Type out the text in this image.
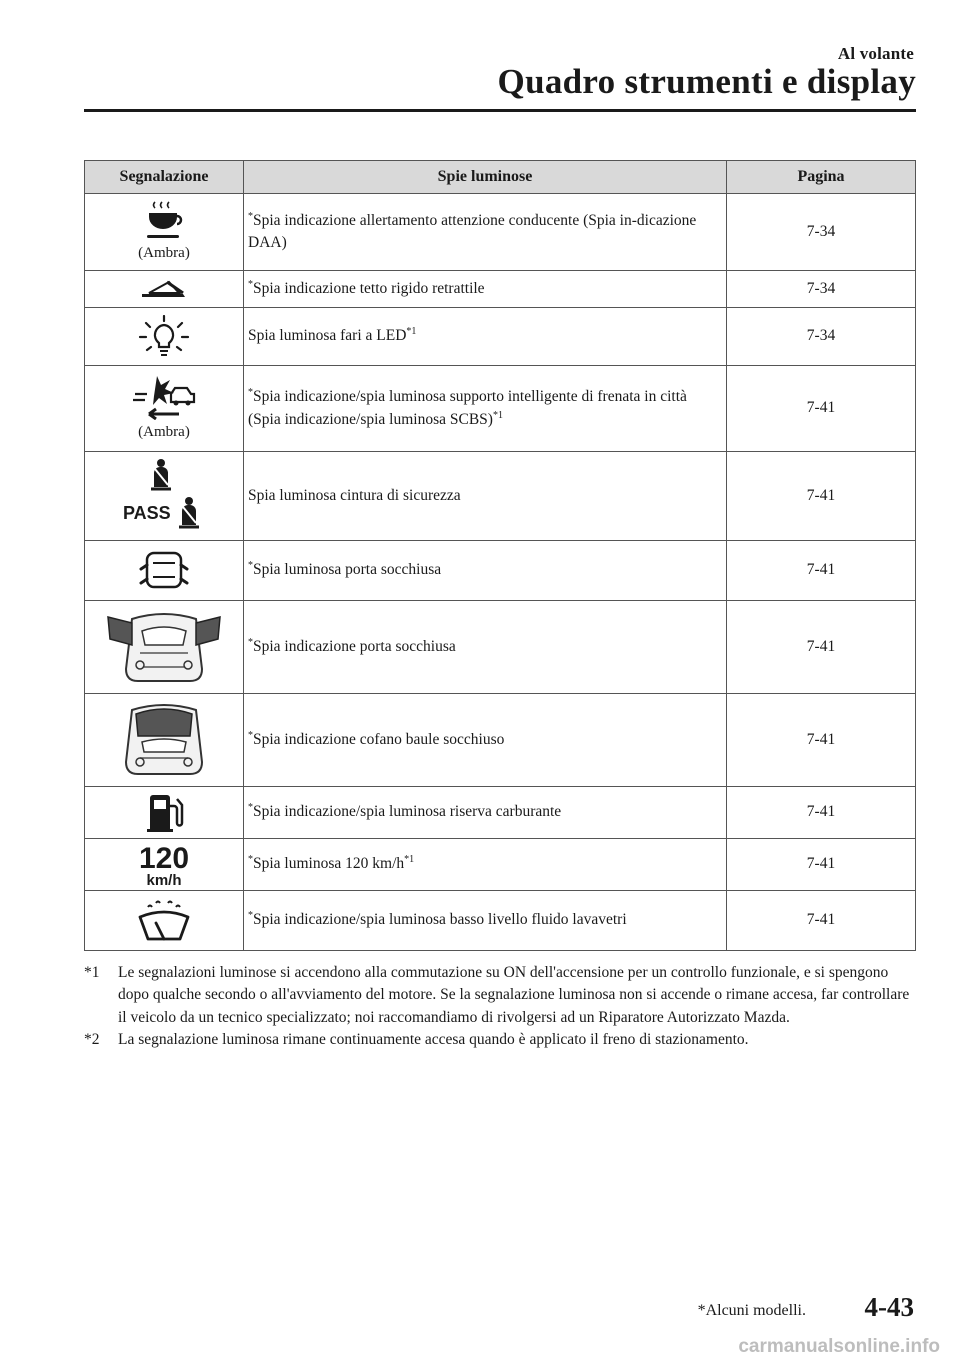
Al volante
Quadro strumenti e display
Segnalazione	Spie luminose	Pagina

(Ambra)	*Spia indicazione allertamento attenzione conducente (Spia in-dicazione DAA)	7-34

	*Spia indicazione tetto rigido retrattile	7-34

	Spia luminosa fari a LED$^{*1}$	7-34

(Ambra)	*Spia indicazione/spia luminosa supporto intelligente di frenata in città (Spia indicazione/spia luminosa SCBS)$^{*1}$	7-41

PASS	Spia luminosa cintura di sicurezza	7-41

	*Spia luminosa porta socchiusa	7-41

	*Spia indicazione porta socchiusa	7-41

	*Spia indicazione cofano baule socchiuso	7-41

	*Spia indicazione/spia luminosa riserva carburante	7-41

120
km/h	*Spia luminosa 120 $km/h^{*1}$	7-41

	*Spia indicazione/spia luminosa basso livello fluido lavavetri	7-41
*1	Le segnalazioni luminose si accendono alla commutazione su ON dell'accensione per un controllo funzionale, e si spengono dopo qualche secondo o all'avviamento del motore. Se la segnalazione luminosa non si accende o rimane accesa, far controllare il veicolo da un tecnico specializzato; noi raccomandiamo di rivolgersi ad un Riparatore Autorizzato Mazda.
*2	La segnalazione luminosa rimane continuamente accesa quando è applicato il freno di stazionamento.
*Alcuni modelli. 4-43
carmanualsonline.info
